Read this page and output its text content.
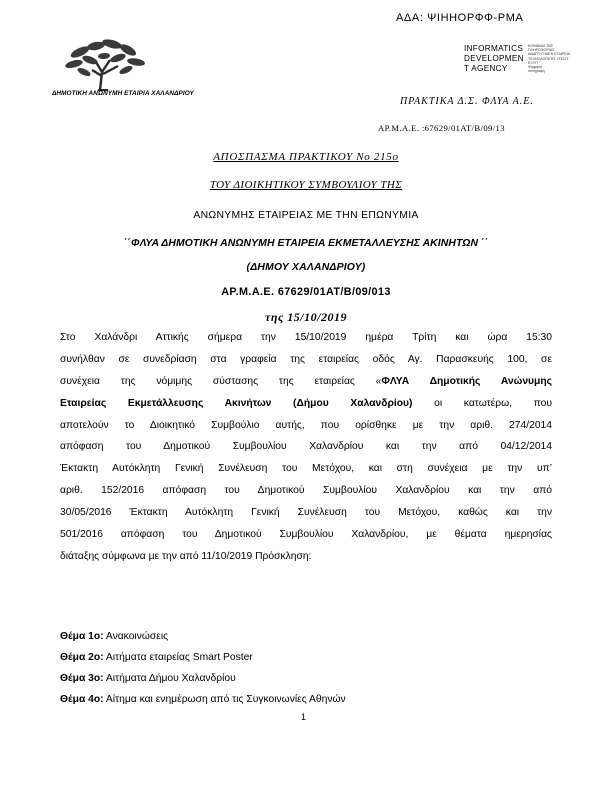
ΑΔΑ: ΨΙΗΗΟΡΦΦ-ΡΜΑ
ΔΗΜΟΤΙΚΗ ΑΝΩΝΥΜΗ ΕΤΑΙΡΙΑ ΧΑΛΑΝΔΡΙΟΥ
INFORMATICS
DEVELOPMEN
T AGENCY
ΚΟΙΝΩΝΙΑ ΤΗΣ
ΠΛΗΡΟΦΟΡΙΑΣ
ΑΝΑΠΤΥΞΙΑΚΗ ΕΤΑΙΡΕΙΑ
ΤΕΧΝΟΛΟΓΙΚΗΣ ΥΠΟΣΤ
ΕΞΥΠ
Ψηφιακή
υπογραφή
ΠΡΑΚΤΙΚΑ Δ.Σ. ΦΛΥΑ Α.Ε.
ΑΡ.Μ.Α.Ε. :67629/01ΑΤ/Β/09/13
ΑΠΟΣΠΑΣΜΑ ΠΡΑΚΤΙΚΟΥ Νο 215ο
ΤΟΥ ΔΙΟΙΚΗΤΙΚΟΥ ΣΥΜΒΟΥΛΙΟΥ ΤΗΣ
ΑΝΩΝΥΜΗΣ ΕΤΑΙΡΕΙΑΣ ΜΕ ΤΗΝ ΕΠΩΝΥΜΙΑ
΄΄ΦΛΥΑ ΔΗΜΟΤΙΚΗ ΑΝΩΝΥΜΗ ΕΤΑΙΡΕΙΑ ΕΚΜΕΤΑΛΛΕΥΣΗΣ ΑΚΙΝΗΤΩΝ ΄΄
(ΔΗΜΟΥ ΧΑΛΑΝΔΡΙΟΥ)
ΑΡ.Μ.Α.Ε. 67629/01ΑΤ/Β/09/013
της 15/10/2019
Στο Χαλάνδρι Αττικής σήμερα την 15/10/2019 ημέρα Τρίτη και ώρα 15:30
συνήλθαν σε συνεδρίαση στα γραφεία της εταιρείας οδός Αγ. Παρασκευής 100, σε
συνέχεια της νόμιμης σύστασης της εταιρείας «ΦΛΥΑ Δημοτικής Ανώνυμης
Εταιρείας Εκμετάλλευσης Ακινήτων (Δήμου Χαλανδρίου) οι κατωτέρω, που
αποτελούν το Διοικητικό Συμβούλιο αυτής, που ορίσθηκε με την αριθ. 274/2014
απόφαση του Δημοτικού Συμβουλίου Χαλανδρίου και την από 04/12/2014
Έκτακτη Αυτόκλητη Γενική Συνέλευση του Μετόχου, και στη συνέχεια με την υπ’
αριθ. 152/2016 απόφαση του Δημοτικού Συμβουλίου Χαλανδρίου και την από
30/05/2016 Έκτακτη Αυτόκλητη Γενική Συνέλευση του Μετόχου, καθώς και την
501/2016 απόφαση του Δημοτικού Συμβουλίου Χαλανδρίου, με θέματα ημερησίας
διάταξης σύμφωνα με την από 11/10/2019 Πρόσκληση:
Θέμα 1ο: Ανακοινώσεις
Θέμα 2ο: Αιτήματα εταιρείας Smart Poster
Θέμα 3ο: Αιτήματα Δήμου Χαλανδρίου
Θέμα 4ο: Αίτημα και ενημέρωση από τις Συγκοινωνίες Αθηνών
1
